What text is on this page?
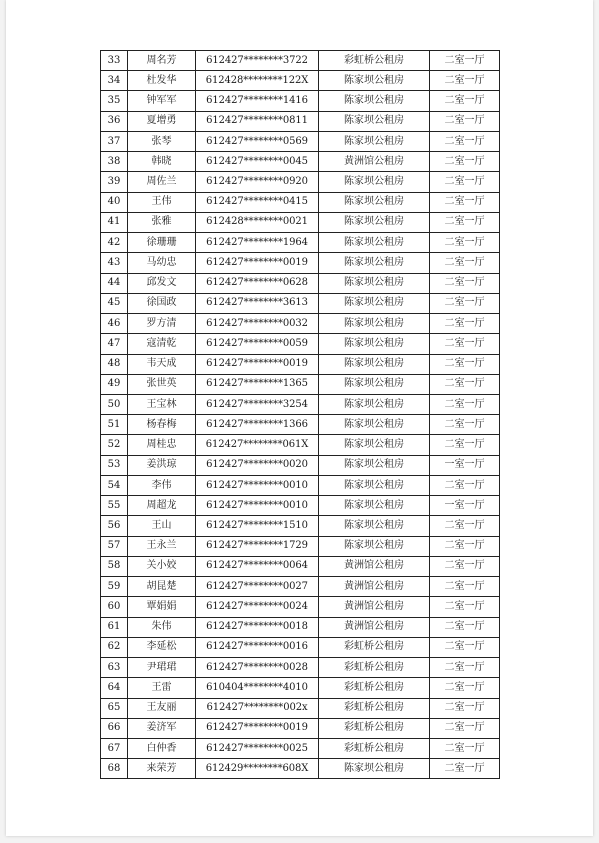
33	周名芳	612427********3722	彩虹桥公租房	二室一厅
34	杜发华	612428********122X	陈家坝公租房	二室一厅
35	钟军军	612427********1416	陈家坝公租房	二室一厅
36	夏增勇	612427********0811	陈家坝公租房	二室一厅
37	张琴	612427********0569	陈家坝公租房	二室一厅
38	韩晓	612427********0045	黄洲馆公租房	二室一厅
39	周佐兰	612427********0920	陈家坝公租房	二室一厅
40	王伟	612427********0415	陈家坝公租房	二室一厅
41	张雅	612428********0021	陈家坝公租房	二室一厅
42	徐珊珊	612427********1964	陈家坝公租房	二室一厅
43	马幼忠	612427********0019	陈家坝公租房	二室一厅
44	邱发文	612427********0628	陈家坝公租房	二室一厅
45	徐国政	612427********3613	陈家坝公租房	二室一厅
46	罗方清	612427********0032	陈家坝公租房	二室一厅
47	寇清乾	612427********0059	陈家坝公租房	二室一厅
48	韦天成	612427********0019	陈家坝公租房	二室一厅
49	张世英	612427********1365	陈家坝公租房	二室一厅
50	王宝林	612427********3254	陈家坝公租房	二室一厅
51	杨春梅	612427********1366	陈家坝公租房	二室一厅
52	周桂忠	612427********061X	陈家坝公租房	二室一厅
53	姜洪琼	612427********0020	陈家坝公租房	一室一厅
54	李伟	612427********0010	陈家坝公租房	二室一厅
55	周超龙	612427********0010	陈家坝公租房	一室一厅
56	王山	612427********1510	陈家坝公租房	二室一厅
57	王永兰	612427********1729	陈家坝公租房	二室一厅
58	关小姣	612427********0064	黄洲馆公租房	二室一厅
59	胡昆楚	612427********0027	黄洲馆公租房	二室一厅
60	覃娟娟	612427********0024	黄洲馆公租房	二室一厅
61	朱伟	612427********0018	黄洲馆公租房	二室一厅
62	李延松	612427********0016	彩虹桥公租房	二室一厅
63	尹珺珺	612427********0028	彩虹桥公租房	二室一厅
64	王雷	610404********4010	彩虹桥公租房	二室一厅
65	王友丽	612427********002x	彩虹桥公租房	二室一厅
66	姜济军	612427********0019	彩虹桥公租房	二室一厅
67	白仲香	612427********0025	彩虹桥公租房	二室一厅
68	来荣芳	612429********608X	陈家坝公租房	二室一厅
